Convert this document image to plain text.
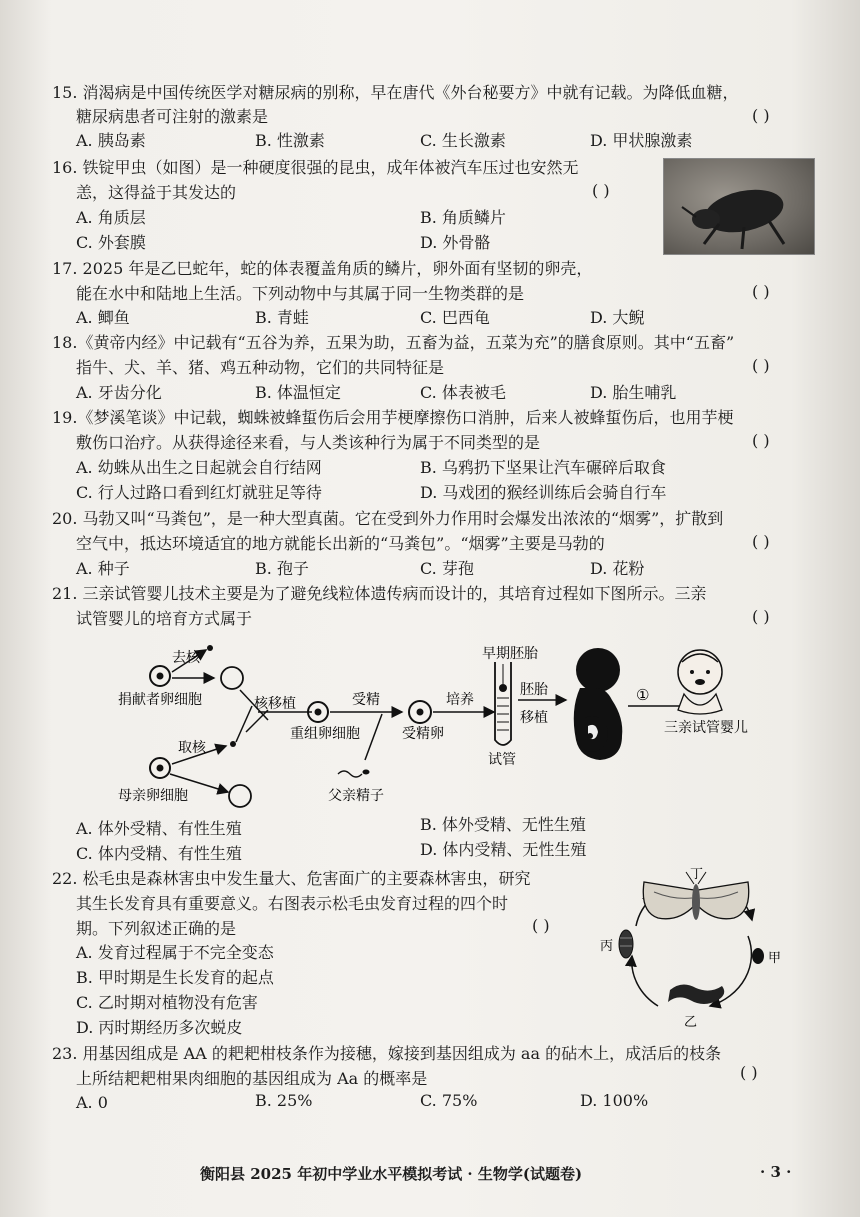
15. 消渴病是中国传统医学对糖尿病的别称，早在唐代《外台秘要方》中就有记载。为降低血糖，
糖尿病患者可注射的激素是	( )
A. 胰岛素	B. 性激素	C. 生长激素	D. 甲状腺激素
16. 铁锭甲虫（如图）是一种硬度很强的昆虫，成年体被汽车压过也安然无
恙，这得益于其发达的	( )
A. 角质层	B. 角质鳞片
C. 外套膜	D. 外骨骼
17. 2025 年是乙巳蛇年，蛇的体表覆盖角质的鳞片，卵外面有坚韧的卵壳，
能在水中和陆地上生活。下列动物中与其属于同一生物类群的是	( )
A. 鲫鱼	B. 青蛙	C. 巴西龟	D. 大鲵
18.《黄帝内经》中记载有“五谷为养，五果为助，五畜为益，五菜为充”的膳食原则。其中“五畜”
指牛、犬、羊、猪、鸡五种动物，它们的共同特征是	( )
A. 牙齿分化	B. 体温恒定	C. 体表被毛	D. 胎生哺乳
19.《梦溪笔谈》中记载，蜘蛛被蜂蜇伤后会用芋梗摩擦伤口消肿，后来人被蜂蜇伤后，也用芋梗
敷伤口治疗。从获得途径来看，与人类该种行为属于不同类型的是	( )
A. 幼蛛从出生之日起就会自行结网	B. 乌鸦扔下坚果让汽车碾碎后取食
C. 行人过路口看到红灯就驻足等待	D. 马戏团的猴经训练后会骑自行车
20. 马勃又叫“马粪包”，是一种大型真菌。它在受到外力作用时会爆发出浓浓的“烟雾”，扩散到
空气中，抵达环境适宜的地方就能长出新的“马粪包”。“烟雾”主要是马勃的	( )
A. 种子	B. 孢子	C. 芽孢	D. 花粉
21. 三亲试管婴儿技术主要是为了避免线粒体遗传病而设计的，其培育过程如下图所示。三亲
试管婴儿的培育方式属于	( )
去核
捐献者卵细胞
取核
母亲卵细胞
核移植
重组卵细胞
受精
父亲精子
受精卵
培养
早期胚胎
试管
胚胎
移植
①
三亲试管婴儿
A. 体外受精、有性生殖	B. 体外受精、无性生殖
C. 体内受精、有性生殖	D. 体内受精、无性生殖
22. 松毛虫是森林害虫中发生量大、危害面广的主要森林害虫，研究
其生长发育具有重要意义。右图表示松毛虫发育过程的四个时
期。下列叙述正确的是	( )
A. 发育过程属于不完全变态
B. 甲时期是生长发育的起点
C. 乙时期对植物没有危害
D. 丙时期经历多次蜕皮
丁
甲
乙
丙
23. 用基因组成是 AA 的耙耙柑枝条作为接穗，嫁接到基因组成为 aa 的砧木上，成活后的枝条
上所结耙耙柑果肉细胞的基因组成为 Aa 的概率是	( )
A. 0	B. 25%	C. 75%	D. 100%
衡阳县 2025 年初中学业水平模拟考试 · 生物学(试题卷)	· 3 ·
